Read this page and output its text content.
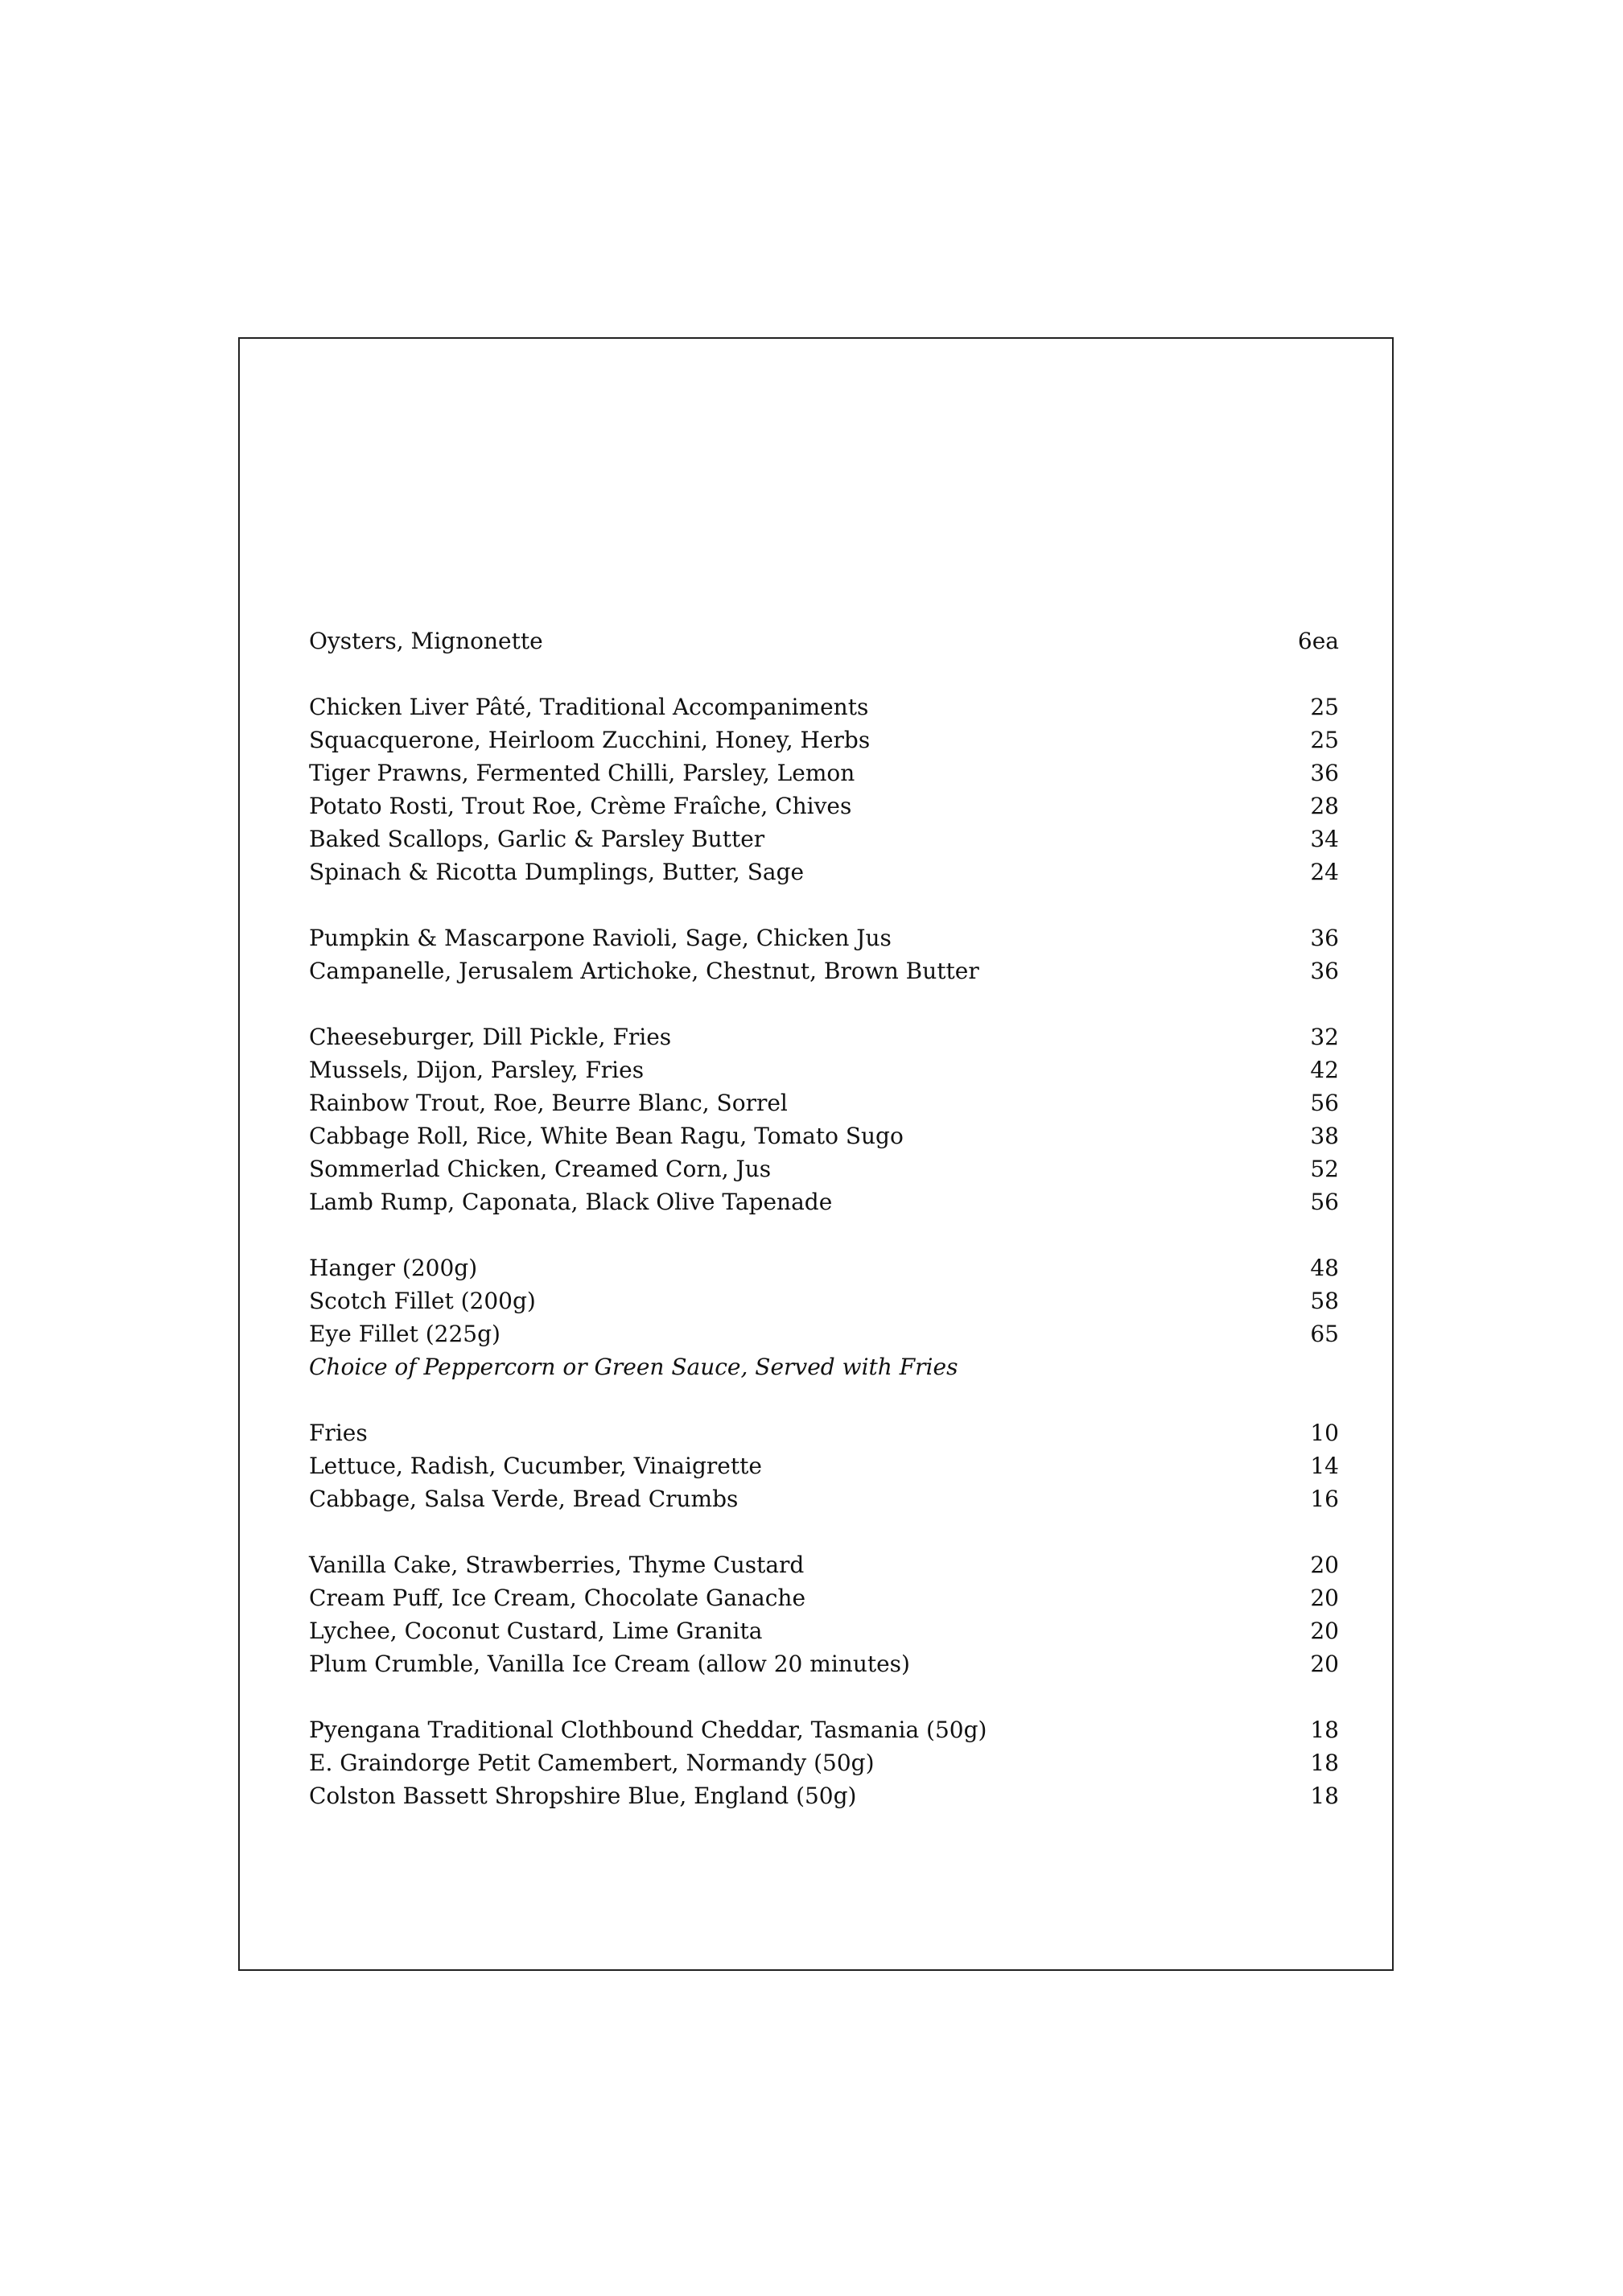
Oysters, Mignonette	6ea
Chicken Liver Pâté, Traditional Accompaniments	25
Squacquerone, Heirloom Zucchini, Honey, Herbs	25
Tiger Prawns, Fermented Chilli, Parsley, Lemon	36
Potato Rosti, Trout Roe, Crème Fraîche, Chives	28
Baked Scallops, Garlic & Parsley Butter	34
Spinach & Ricotta Dumplings, Butter, Sage	24
Pumpkin & Mascarpone Ravioli, Sage, Chicken Jus	36
Campanelle, Jerusalem Artichoke, Chestnut, Brown Butter	36
Cheeseburger, Dill Pickle, Fries	32
Mussels, Dijon, Parsley, Fries	42
Rainbow Trout, Roe, Beurre Blanc, Sorrel	56
Cabbage Roll, Rice, White Bean Ragu, Tomato Sugo	38
Sommerlad Chicken, Creamed Corn, Jus	52
Lamb Rump, Caponata, Black Olive Tapenade	56
Hanger (200g)	48
Scotch Fillet (200g)	58
Eye Fillet (225g)	65
Choice of Peppercorn or Green Sauce, Served with Fries
Fries	10
Lettuce, Radish, Cucumber, Vinaigrette	14
Cabbage, Salsa Verde, Bread Crumbs	16
Vanilla Cake, Strawberries, Thyme Custard	20
Cream Puff, Ice Cream, Chocolate Ganache	20
Lychee, Coconut Custard, Lime Granita	20
Plum Crumble, Vanilla Ice Cream (allow 20 minutes)	20
Pyengana Traditional Clothbound Cheddar, Tasmania (50g)	18
E. Graindorge Petit Camembert, Normandy (50g)	18
Colston Bassett Shropshire Blue, England (50g)	18
